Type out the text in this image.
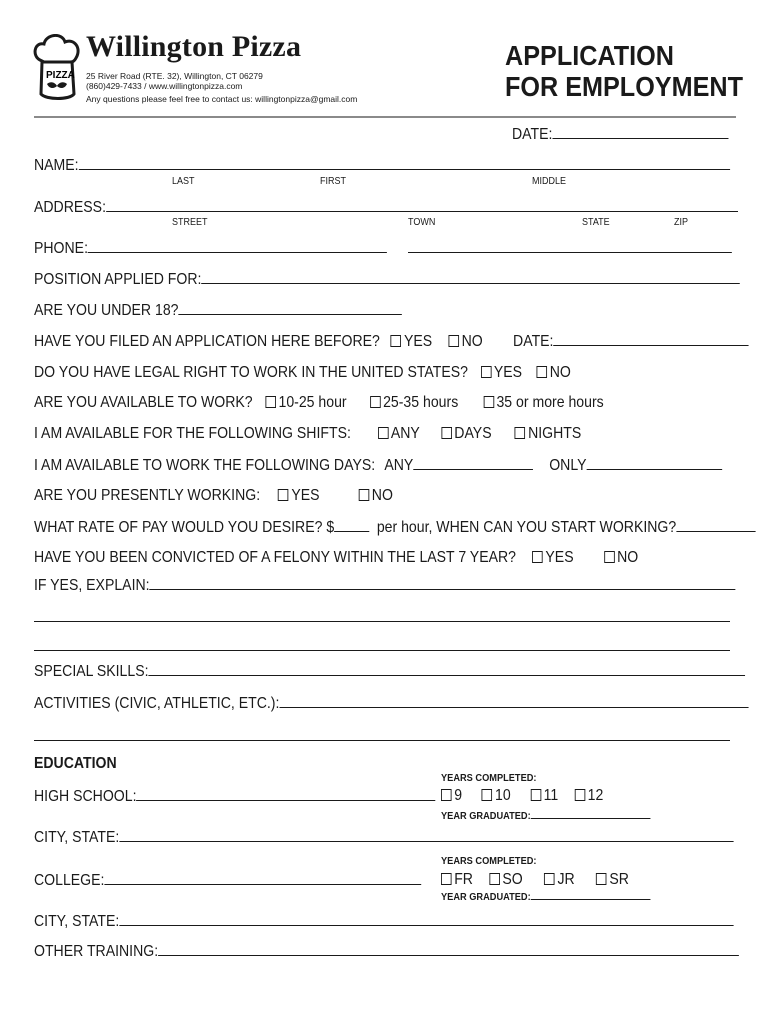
PIZZA
Willington Pizza
25 River Road (RTE. 32), Willington, CT 06279
(860)429-7433 / www.willingtonpizza.com
Any questions please feel free to contact us: willingtonpizza@gmail.com
APPLICATION
FOR EMPLOYMENT
DATE:
NAME:
LAST	FIRST	MIDDLE
ADDRESS:
STREET	TOWN	STATE	ZIP
PHONE:
POSITION APPLIED FOR:
ARE YOU UNDER 18?
HAVE YOU FILED AN APPLICATION HERE BEFORE? YES NO DATE:
DO YOU HAVE LEGAL RIGHT TO WORK IN THE UNITED STATES? YES NO
ARE YOU AVAILABLE TO WORK? 10-25 hour 25-35 hours 35 or more hours
I AM AVAILABLE FOR THE FOLLOWING SHIFTS: ANY DAYS NIGHTS
I AM AVAILABLE TO WORK THE FOLLOWING DAYS: ANY	ONLY
ARE YOU PRESENTLY WORKING: YES	NO
WHAT RATE OF PAY WOULD YOU DESIRE? $	per hour, WHEN CAN YOU START WORKING?
HAVE YOU BEEN CONVICTED OF A FELONY WITHIN THE LAST 7 YEAR? YES	NO
IF YES, EXPLAIN:
SPECIAL SKILLS:
ACTIVITIES (CIVIC, ATHLETIC, ETC.):
EDUCATION
YEARS COMPLETED:
HIGH SCHOOL:	9 10 11 12
YEAR GRADUATED:
CITY, STATE:
YEARS COMPLETED:
COLLEGE:	FR SO JR SR
YEAR GRADUATED:
CITY, STATE:
OTHER TRAINING:
